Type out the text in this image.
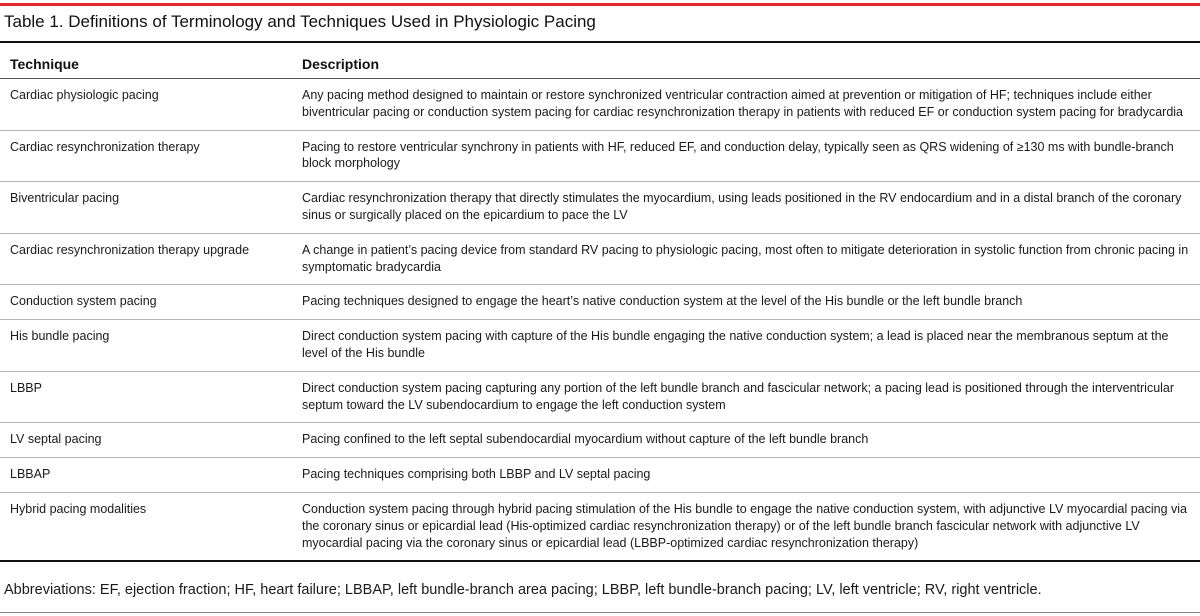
Table 1. Definitions of Terminology and Techniques Used in Physiologic Pacing
Technique	Description
Cardiac physiologic pacing	Any pacing method designed to maintain or restore synchronized ventricular contraction aimed at prevention or mitigation of HF; techniques include either biventricular pacing or conduction system pacing for cardiac resynchronization therapy in patients with reduced EF or conduction system pacing for bradycardia
Cardiac resynchronization therapy	Pacing to restore ventricular synchrony in patients with HF, reduced EF, and conduction delay, typically seen as QRS widening of ≥130 ms with bundle-branch block morphology
Biventricular pacing	Cardiac resynchronization therapy that directly stimulates the myocardium, using leads positioned in the RV endocardium and in a distal branch of the coronary sinus or surgically placed on the epicardium to pace the LV
Cardiac resynchronization therapy upgrade	A change in patient’s pacing device from standard RV pacing to physiologic pacing, most often to mitigate deterioration in systolic function from chronic pacing in symptomatic bradycardia
Conduction system pacing	Pacing techniques designed to engage the heart’s native conduction system at the level of the His bundle or the left bundle branch
His bundle pacing	Direct conduction system pacing with capture of the His bundle engaging the native conduction system; a lead is placed near the membranous septum at the level of the His bundle
LBBP	Direct conduction system pacing capturing any portion of the left bundle branch and fascicular network; a pacing lead is positioned through the interventricular septum toward the LV subendocardium to engage the left conduction system
LV septal pacing	Pacing confined to the left septal subendocardial myocardium without capture of the left bundle branch
LBBAP	Pacing techniques comprising both LBBP and LV septal pacing
Hybrid pacing modalities	Conduction system pacing through hybrid pacing stimulation of the His bundle to engage the native conduction system, with adjunctive LV myocardial pacing via the coronary sinus or epicardial lead (His-optimized cardiac resynchronization therapy) or of the left bundle branch fascicular network with adjunctive LV myocardial pacing via the coronary sinus or epicardial lead (LBBP-optimized cardiac resynchronization therapy)
Abbreviations: EF, ejection fraction; HF, heart failure; LBBAP, left bundle-branch area pacing; LBBP, left bundle-branch pacing; LV, left ventricle; RV, right ventricle.
